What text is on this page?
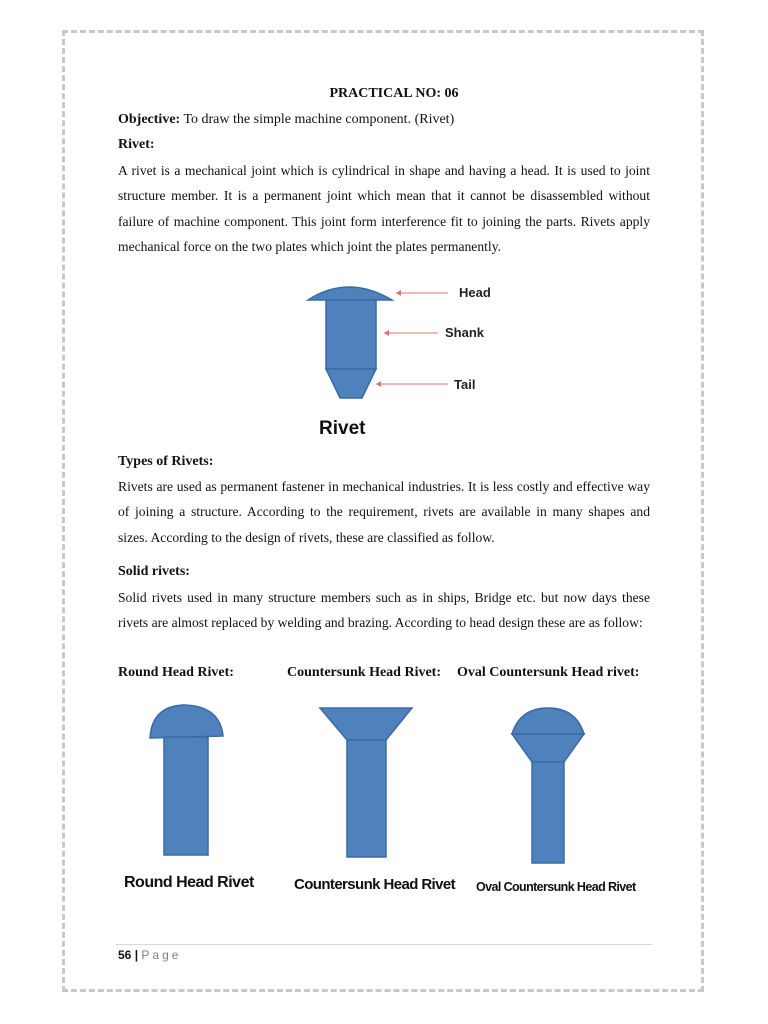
PRACTICAL NO: 06
Objective: To draw the simple machine component. (Rivet)
Rivet:
A rivet is a mechanical joint which is cylindrical in shape and having a head. It is used to joint structure member. It is a permanent joint which mean that it cannot be disassembled without failure of machine component. This joint form interference fit to joining the parts. Rivets apply mechanical force on the two plates which joint the plates permanently.
Head
Shank
Tail
Rivet
Types of Rivets:
Rivets are used as permanent fastener in mechanical industries. It is less costly and effective way of joining a structure. According to the requirement, rivets are available in many shapes and sizes. According to the design of rivets, these are classified as follow.
Solid rivets:
Solid rivets used in many structure members such as in ships, Bridge etc. but now days these rivets are almost replaced by welding and brazing. According to head design these are as follow:
Round Head Rivet:	Countersunk Head Rivet: Oval Countersunk Head rivet:
Round Head Rivet	Countersunk Head Rivet Oval Countersunk Head Rivet
56 | Page
